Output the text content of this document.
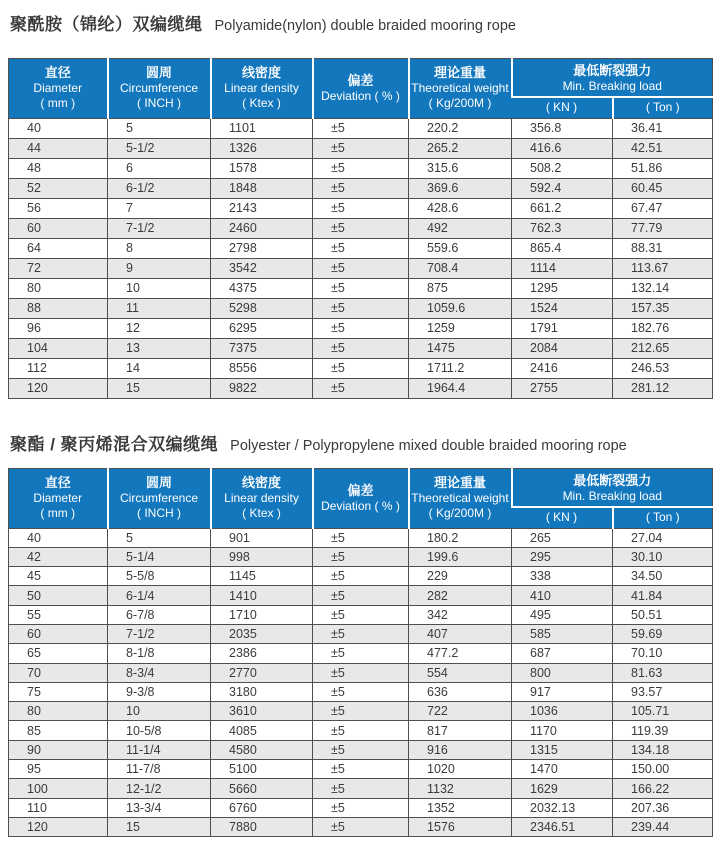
聚酰胺（锦纶）双编缆绳 Polyamide(nylon) double braided mooring rope
直径
Diameter
( mm )

圆周
Circumference
( INCH )

线密度
Linear density
( Ktex )

偏差
Deviation ( % )

理论重量
Theoretical weight
( Kg/200M )

最低断裂强力
Min. Breaking load

					( KN )	( Ton )

40	5	1101	±5	220.2	356.8	36.41
44	5-1/2	1326	±5	265.2	416.6	42.51
48	6	1578	±5	315.6	508.2	51.86
52	6-1/2	1848	±5	369.6	592.4	60.45
56	7	2143	±5	428.6	661.2	67.47
60	7-1/2	2460	±5	492	762.3	77.79
64	8	2798	±5	559.6	865.4	88.31
72	9	3542	±5	708.4	1114	113.67
80	10	4375	±5	875	1295	132.14
88	11	5298	±5	1059.6	1524	157.35
96	12	6295	±5	1259	1791	182.76
104	13	7375	±5	1475	2084	212.65
112	14	8556	±5	1711.2	2416	246.53
120	15	9822	±5	1964.4	2755	281.12
聚酯 / 聚丙烯混合双编缆绳 Polyester / Polypropylene mixed double braided mooring rope
直径
Diameter
( mm )

圆周
Circumference
( INCH )

线密度
Linear density
( Ktex )

偏差
Deviation ( % )

理论重量
Theoretical weight
( Kg/200M )

最低断裂强力
Min. Breaking load

					( KN )	( Ton )

40	5	901	±5	180.2	265	27.04
42	5-1/4	998	±5	199.6	295	30.10
45	5-5/8	1145	±5	229	338	34.50
50	6-1/4	1410	±5	282	410	41.84
55	6-7/8	1710	±5	342	495	50.51
60	7-1/2	2035	±5	407	585	59.69
65	8-1/8	2386	±5	477.2	687	70.10
70	8-3/4	2770	±5	554	800	81.63
75	9-3/8	3180	±5	636	917	93.57
80	10	3610	±5	722	1036	105.71
85	10-5/8	4085	±5	817	1170	119.39
90	11-1/4	4580	±5	916	1315	134.18
95	11-7/8	5100	±5	1020	1470	150.00
100	12-1/2	5660	±5	1132	1629	166.22
110	13-3/4	6760	±5	1352	2032.13	207.36
120	15	7880	±5	1576	2346.51	239.44
